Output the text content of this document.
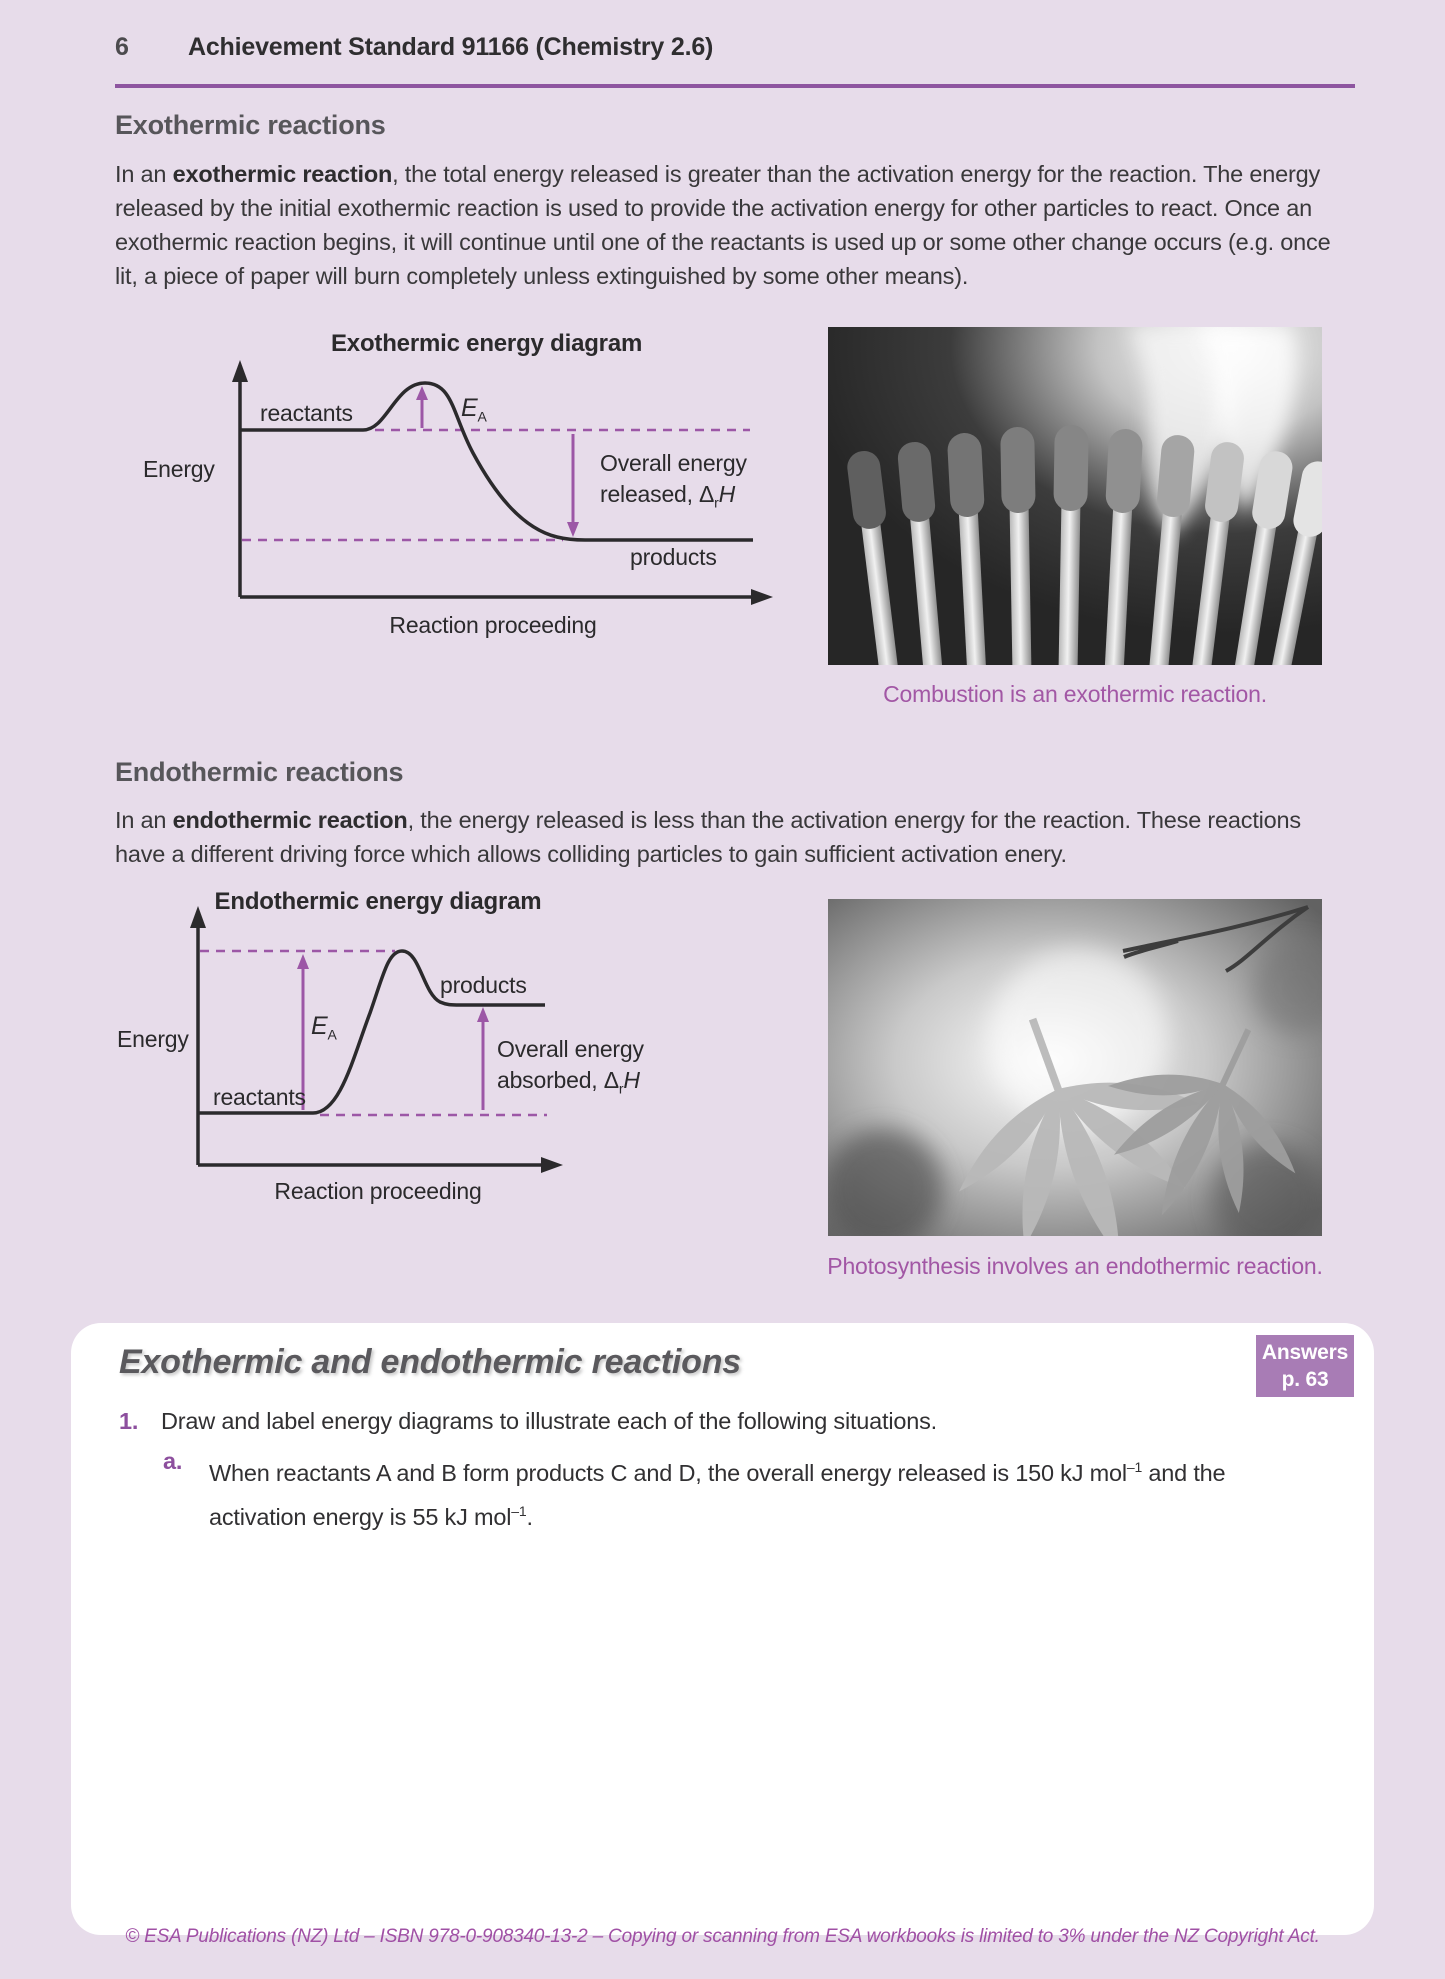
6 Achievement Standard 91166 (Chemistry 2.6)
Exothermic reactions
In an exothermic reaction, the total energy released is greater than the activation energy for the reaction. The energy released by the initial exothermic reaction is used to provide the activation energy for other particles to react. Once an exothermic reaction begins, it will continue until one of the reactants is used up or some other change occurs (e.g. once lit, a piece of paper will burn completely unless extinguished by some other means).
Exothermic energy diagram
reactants	$E_A$
Energy	Overall energy
released, $\Delta_rH$
products
Reaction proceeding
Combustion is an exothermic reaction.
Endothermic reactions
In an endothermic reaction, the energy released is less than the activation energy for the reaction. These reactions have a different driving force which allows colliding particles to gain sufficient activation enery.
Endothermic energy diagram
products
$E_A$
Energy	Overall energy
absorbed, $\Delta_rH$
reactants
Reaction proceeding
Photosynthesis involves an endothermic reaction.
Exothermic and endothermic reactions	Answers
p. 63
1. Draw and label energy diagrams to illustrate each of the following situations.
a. When reactants A and B form products C and D, the overall energy released is 150 kJ mol$^{-1}$ and the activation energy is 55 kJ mol$^{-1}$.
© ESA Publications (NZ) Ltd – ISBN 978-0-908340-13-2 – Copying or scanning from ESA workbooks is limited to 3% under the NZ Copyright Act.
